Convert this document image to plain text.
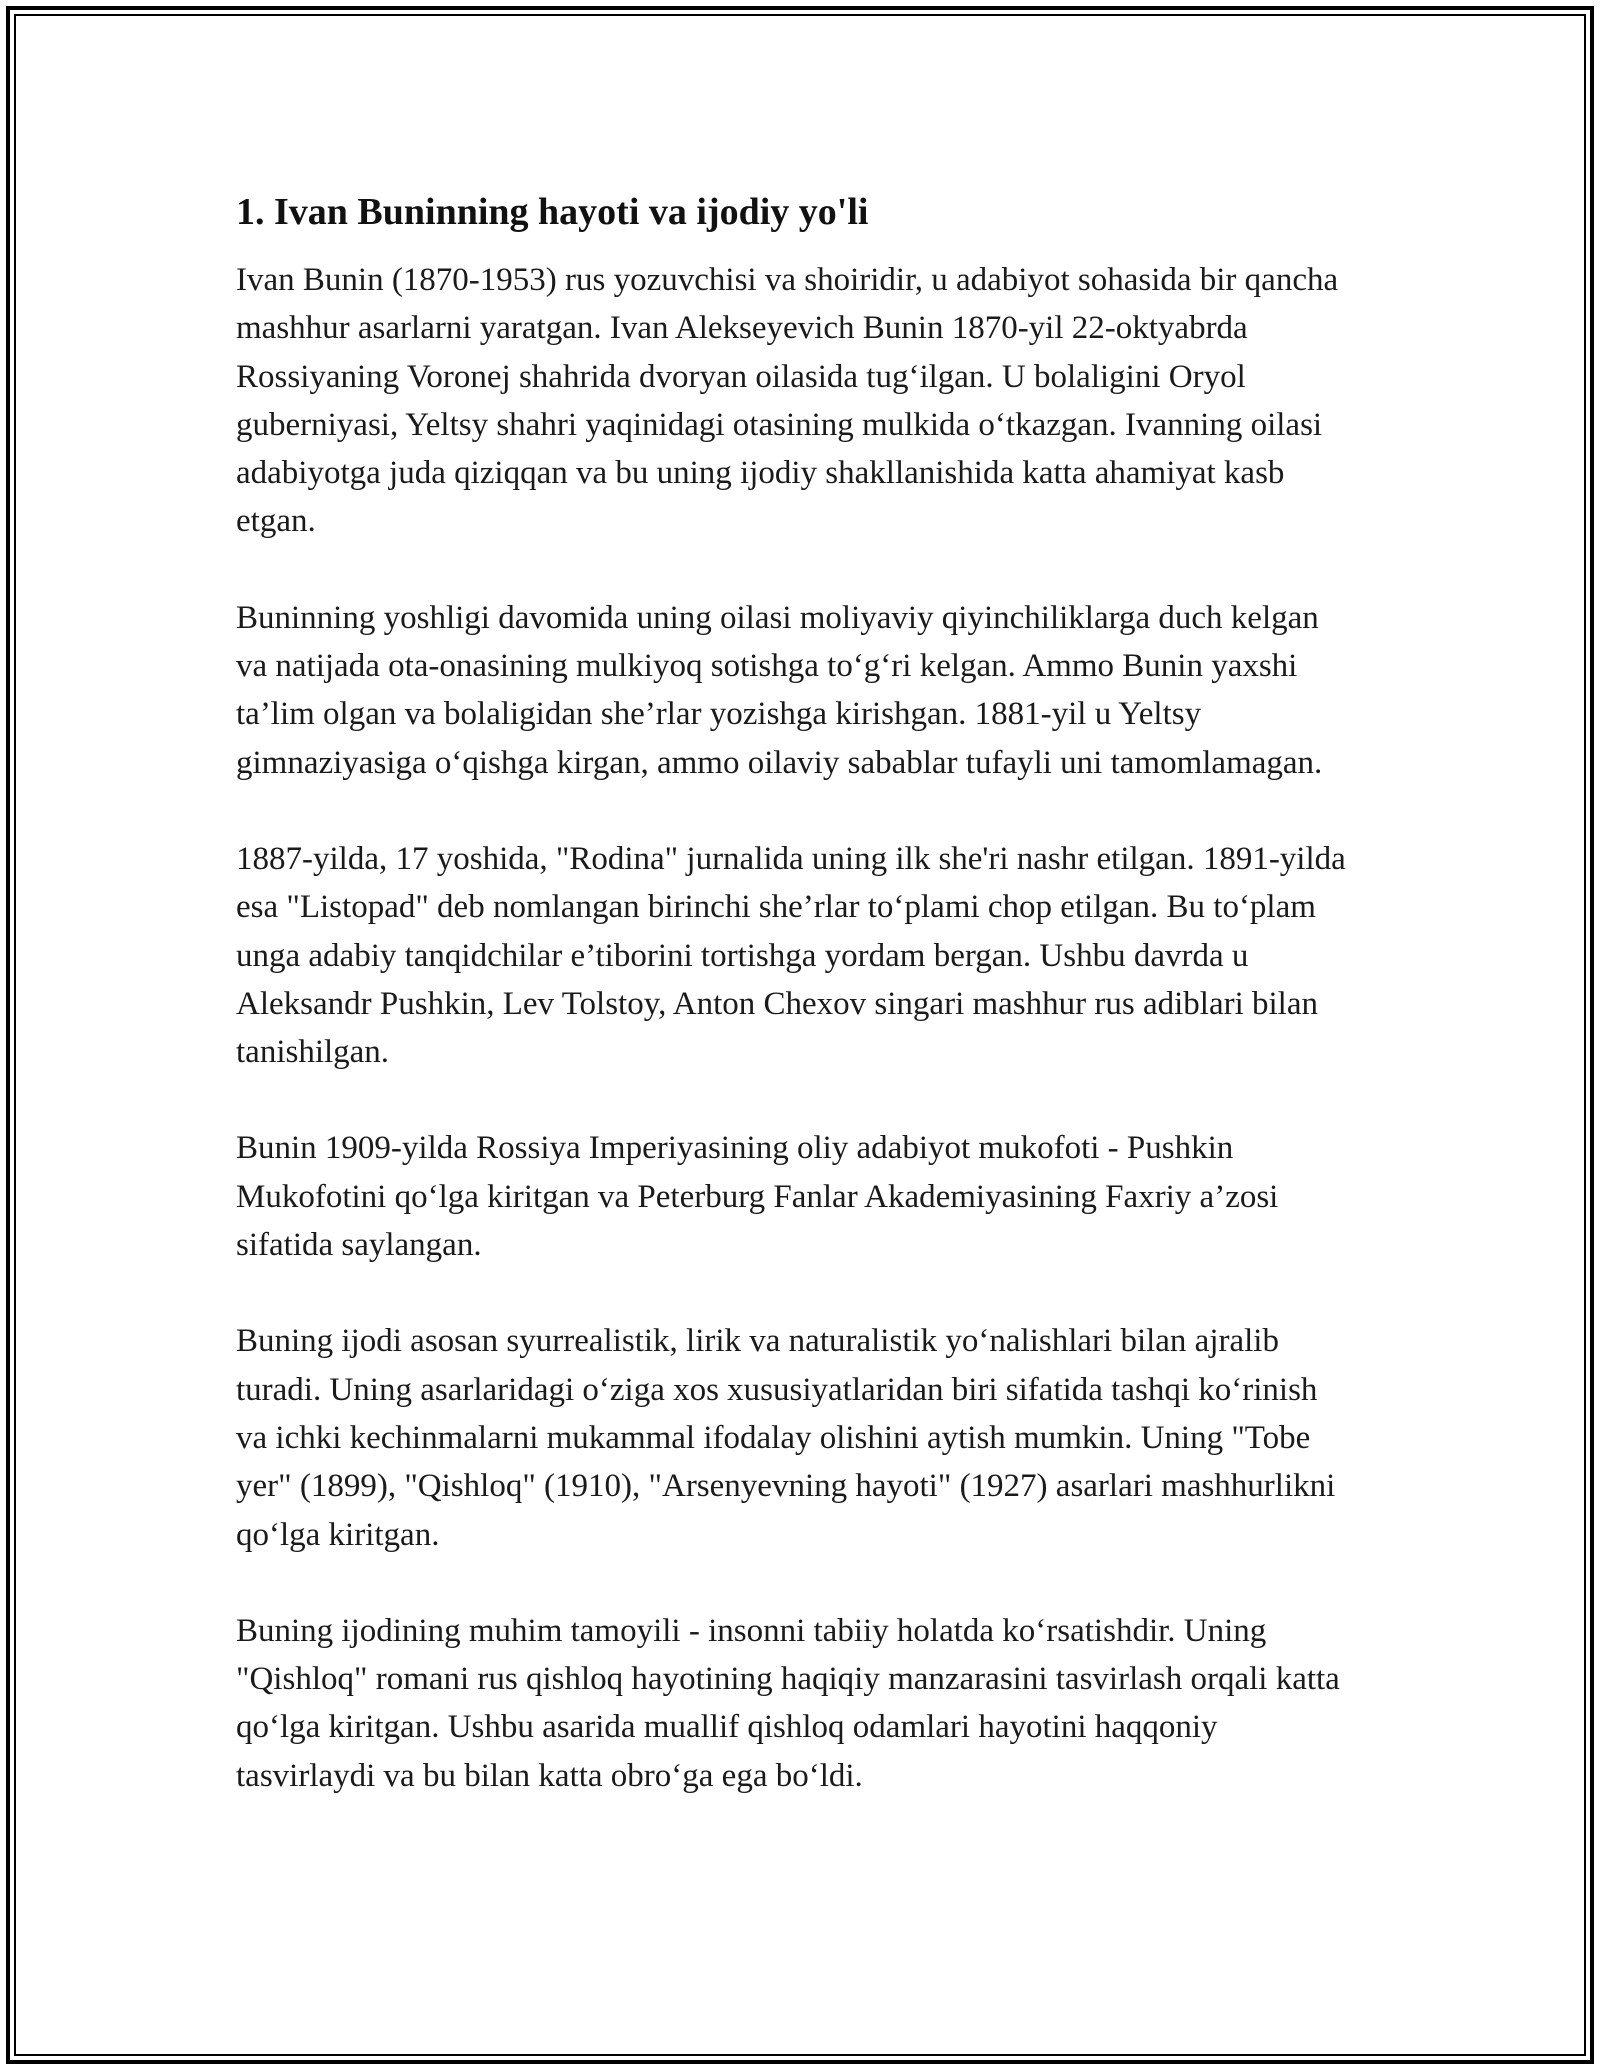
1. Ivan Buninning hayoti va ijodiy yo'li

Ivan Bunin (1870-1953) rus yozuvchisi va shoiridir, u adabiyot sohasida bir qancha mashhur asarlarni yaratgan. Ivan Alekseyevich Bunin 1870-yil 22-oktyabrda Rossiyaning Voronej shahrida dvoryan oilasida tug‘ilgan. U bolaligini Oryol guberniyasi, Yeltsy shahri yaqinidagi otasining mulkida o‘tkazgan. Ivanning oilasi adabiyotga juda qiziqqan va bu uning ijodiy shakllanishida katta ahamiyat kasb etgan.

Buninning yoshligi davomida uning oilasi moliyaviy qiyinchiliklarga duch kelgan va natijada ota-onasining mulkiyoq sotishga to‘g‘ri kelgan. Ammo Bunin yaxshi ta’lim olgan va bolaligidan she’rlar yozishga kirishgan. 1881-yil u Yeltsy gimnaziyasiga o‘qishga kirgan, ammo oilaviy sabablar tufayli uni tamomlamagan.

1887-yilda, 17 yoshida, "Rodina" jurnalida uning ilk she'ri nashr etilgan. 1891-yilda esa "Listopad" deb nomlangan birinchi she’rlar to‘plami chop etilgan. Bu to‘plam unga adabiy tanqidchilar e’tiborini tortishga yordam bergan. Ushbu davrda u Aleksandr Pushkin, Lev Tolstoy, Anton Chexov singari mashhur rus adiblari bilan tanishilgan.

Bunin 1909-yilda Rossiya Imperiyasining oliy adabiyot mukofoti - Pushkin Mukofotini qo‘lga kiritgan va Peterburg Fanlar Akademiyasining Faxriy a’zosi sifatida saylangan.

Buning ijodi asosan syurrealistik, lirik va naturalistik yo‘nalishlari bilan ajralib turadi. Uning asarlaridagi o‘ziga xos xususiyatlaridan biri sifatida tashqi ko‘rinish va ichki kechinmalarni mukammal ifodalay olishini aytish mumkin. Uning "Tobe yer" (1899), "Qishloq" (1910), "Arsenyevning hayoti" (1927) asarlari mashhurlikni qo‘lga kiritgan.

Buning ijodining muhim tamoyili - insonni tabiiy holatda ko‘rsatishdir. Uning "Qishloq" romani rus qishloq hayotining haqiqiy manzarasini tasvirlash orqali katta qo‘lga kiritgan. Ushbu asarida muallif qishloq odamlari hayotini haqqoniy tasvirlaydi va bu bilan katta obro‘ga ega bo‘ldi.
